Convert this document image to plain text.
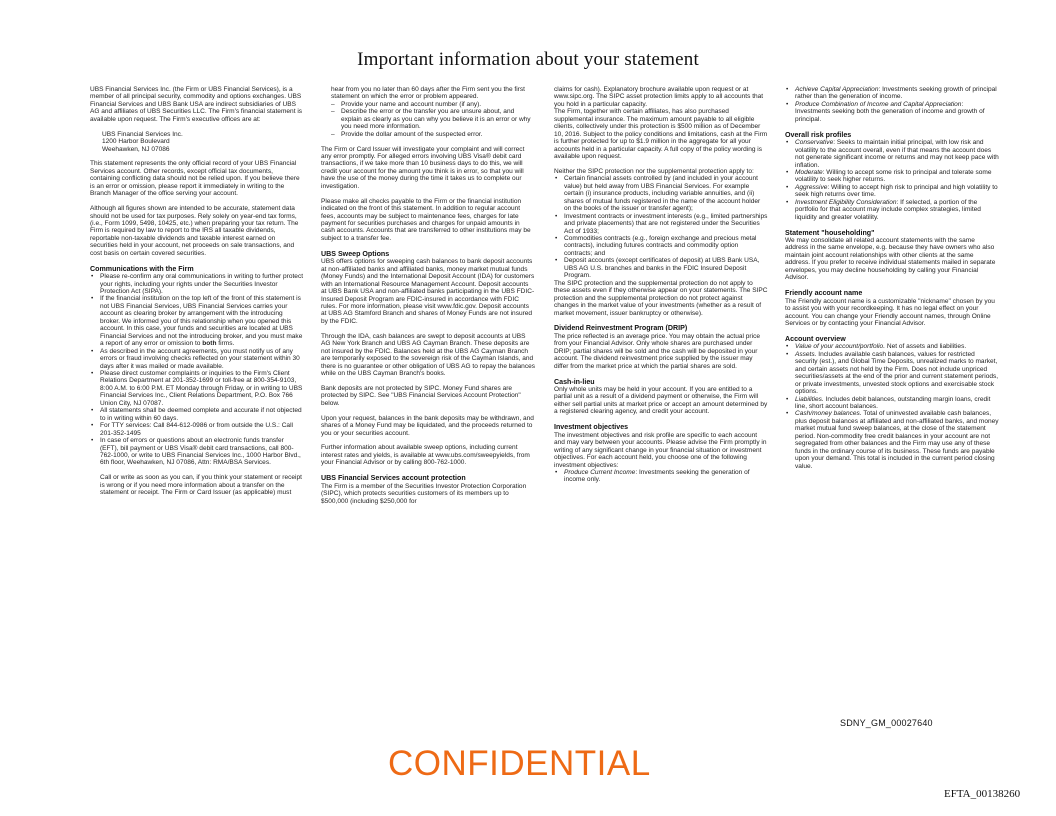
Important information about your statement

UBS Financial Services Inc. (the Firm or UBS Financial Services), is a member of all principal security, commodity and options exchanges. UBS Financial Services and UBS Bank USA are indirect subsidiaries of UBS AG and affiliates of UBS Securities LLC. The Firm's financial statement is available upon request. The Firm's executive offices are at:

UBS Financial Services Inc.
1200 Harbor Boulevard
Weehawken, NJ 07086

This statement represents the only official record of your UBS Financial Services account. Other records, except official tax documents, containing conflicting data should not be relied upon. If you believe there is an error or omission, please report it immediately in writing to the Branch Manager of the office serving your account.

Although all figures shown are intended to be accurate, statement data should not be used for tax purposes. Rely solely on year-end tax forms, (i.e., Form 1099, 5498, 10425, etc.) when preparing your tax return. The Firm is required by law to report to the IRS all taxable dividends, reportable non-taxable dividends and taxable interest earned on securities held in your account, net proceeds on sale transactions, and cost basis on certain covered securities.

Communications with the Firm
• Please re-confirm any oral communications in writing to further protect your rights, including your rights under the Securities Investor Protection Act (SIPA).
• If the financial institution on the top left of the front of this statement is not UBS Financial Services, UBS Financial Services carries your account as clearing broker by arrangement with the introducing broker. We informed you of this relationship when you opened this account. In this case, your funds and securities are located at UBS Financial Services and not the introducing broker, and you must make a report of any error or omission to both firms.
• As described in the account agreements, you must notify us of any errors or fraud involving checks reflected on your statement within 30 days after it was mailed or made available.
• Please direct customer complaints or inquiries to the Firm's Client Relations Department at 201-352-1699 or toll-free at 800-354-9103, 8:00 A.M. to 6:00 P.M. ET Monday through Friday, or in writing to UBS Financial Services Inc., Client Relations Department, P.O. Box 766 Union City, NJ 07087.
• All statements shall be deemed complete and accurate if not objected to in writing within 60 days.
• For TTY services: Call 844-612-0986 or from outside the U.S.: Call 201-352-1495
• In case of errors or questions about an electronic funds transfer (EFT), bill payment or UBS Visa® debit card transactions, call 800-762-1000, or write to UBS Financial Services Inc., 1000 Harbor Blvd., 6th floor, Weehawken, NJ 07086, Attn: RMA/BSA Services.

Call or write as soon as you can, if you think your statement or receipt is wrong or if you need more information about a transfer on the statement or receipt. The Firm or Card Issuer (as applicable) must

hear from you no later than 60 days after the Firm sent you the first statement on which the error or problem appeared.

– Provide your name and account number (if any).
– Describe the error or the transfer you are unsure about, and explain as clearly as you can why you believe it is an error or why you need more information.
– Provide the dollar amount of the suspected error.

The Firm or Card Issuer will investigate your complaint and will correct any error promptly. For alleged errors involving UBS Visa® debit card transactions, if we take more than 10 business days to do this, we will credit your account for the amount you think is in error, so that you will have the use of the money during the time it takes us to complete our investigation.

Please make all checks payable to the Firm or the financial institution indicated on the front of this statement. In addition to regular account fees, accounts may be subject to maintenance fees, charges for late payment for securities purchases and charges for unpaid amounts in cash accounts. Accounts that are transferred to other institutions may be subject to a transfer fee.

UBS Sweep Options

UBS offers options for sweeping cash balances to bank deposit accounts at non-affiliated banks and affiliated banks, money market mutual funds (Money Funds) and the International Deposit Account (IDA) for customers with an International Resource Management Account. Deposit accounts at UBS Bank USA and non-affiliated banks participating in the UBS FDIC-Insured Deposit Program are FDIC-insured in accordance with FDIC rules. For more information, please visit www.fdic.gov. Deposit accounts at UBS AG Stamford Branch and shares of Money Funds are not insured by the FDIC.

Through the IDA, cash balances are swept to deposit accounts at UBS AG New York Branch and UBS AG Cayman Branch. These deposits are not insured by the FDIC. Balances held at the UBS AG Cayman Branch are temporarily exposed to the sovereign risk of the Cayman Islands, and there is no guarantee or other obligation of UBS AG to repay the balances while on the UBS Cayman Branch's books.

Bank deposits are not protected by SIPC. Money Fund shares are protected by SIPC. See "UBS Financial Services Account Protection" below.

Upon your request, balances in the bank deposits may be withdrawn, and shares of a Money Fund may be liquidated, and the proceeds returned to you or your securities account.

Further information about available sweep options, including current interest rates and yields, is available at www.ubs.com/sweepyields, from your Financial Advisor or by calling 800-762-1000.

UBS Financial Services account protection

The Firm is a member of the Securities Investor Protection Corporation (SIPC), which protects securities customers of its members up to $500,000 (including $250,000 for

claims for cash). Explanatory brochure available upon request or at www.sipc.org. The SIPC asset protection limits apply to all accounts that you hold in a particular capacity.

The Firm, together with certain affiliates, has also purchased supplemental insurance. The maximum amount payable to all eligible clients, collectively under this protection is $500 million as of December 10, 2016. Subject to the policy conditions and limitations, cash at the Firm is further protected for up to $1.9 million in the aggregate for all your accounts held in a particular capacity. A full copy of the policy wording is available upon request.

Neither the SIPC protection nor the supplemental protection apply to:

• Certain financial assets controlled by (and included in your account value) but held away from UBS Financial Services. For example certain (i) insurance products, including variable annuities, and (ii) shares of mutual funds registered in the name of the account holder on the books of the issuer or transfer agent);
• Investment contracts or investment interests (e.g., limited partnerships and private placements) that are not registered under the Securities Act of 1933;
• Commodities contracts (e.g., foreign exchange and precious metal contracts), including futures contracts and commodity option contracts; and
• Deposit accounts (except certificates of deposit) at UBS Bank USA, UBS AG U.S. branches and banks in the FDIC Insured Deposit Program.

The SIPC protection and the supplemental protection do not apply to these assets even if they otherwise appear on your statements. The SIPC protection and the supplemental protection do not protect against changes in the market value of your investments (whether as a result of market movement, issuer bankruptcy or otherwise).

Dividend Reinvestment Program (DRIP)

The price reflected is an average price. You may obtain the actual price from your Financial Advisor. Only whole shares are purchased under DRIP; partial shares will be sold and the cash will be deposited in your account. The dividend reinvestment price supplied by the issuer may differ from the market price at which the partial shares are sold.

Cash-in-lieu

Only whole units may be held in your account. If you are entitled to a partial unit as a result of a dividend payment or otherwise, the Firm will either sell partial units at market price or accept an amount determined by a registered clearing agency, and credit your account.

Investment objectives

The investment objectives and risk profile are specific to each account and may vary between your accounts. Please advise the Firm promptly in writing of any significant change in your financial situation or investment objectives. For each account held, you choose one of the following investment objectives:

• Produce Current Income: Investments seeking the generation of income only.
• Achieve Capital Appreciation: Investments seeking growth of principal rather than the generation of income.
• Produce Combination of Income and Capital Appreciation: Investments seeking both the generation of income and growth of principal.
Overall risk profiles
• Conservative: Seeks to maintain initial principal, with low risk and volatility to the account overall, even if that means the account does not generate significant income or returns and may not keep pace with inflation.
• Moderate: Willing to accept some risk to principal and tolerate some volatility to seek higher returns.
• Aggressive: Willing to accept high risk to principal and high volatility to seek high returns over time.
• Investment Eligibility Consideration: If selected, a portion of the portfolio for that account may include complex strategies, limited liquidity and greater volatility.
Statement "householding"

We may consolidate all related account statements with the same address in the same envelope, e.g. because they have owners who also maintain joint account relationships with other clients at the same address. If you prefer to receive individual statements mailed in separate envelopes, you may decline householding by calling your Financial Advisor.

Friendly account name

The Friendly account name is a customizable "nickname" chosen by you to assist you with your recordkeeping. It has no legal effect on your account. You can change your Friendly account names, through Online Services or by contacting your Financial Advisor.

Account overview
• Value of your account/portfolio. Net of assets and liabilities.
• Assets. Includes available cash balances, values for restricted security (est.), and Global Time Deposits, unrealized marks to market, and certain assets not held by the Firm. Does not include unpriced securities/assets at the end of the prior and current statement periods, or private investments, unvested stock options and exercisable stock options.
• Liabilities. Includes debit balances, outstanding margin loans, credit line, short account balances.
• Cash/money balances. Total of uninvested available cash balances, plus deposit balances at affiliated and non-affiliated banks, and money market mutual fund sweep balances, at the close of the statement period. Non-commodity free credit balances in your account are not segregated from other balances and the Firm may use any of these funds in the ordinary course of its business. These funds are payable upon your demand. This total is included in the current period closing value.
SDNY_GM_00027640
CONFIDENTIAL
EFTA_00138260
